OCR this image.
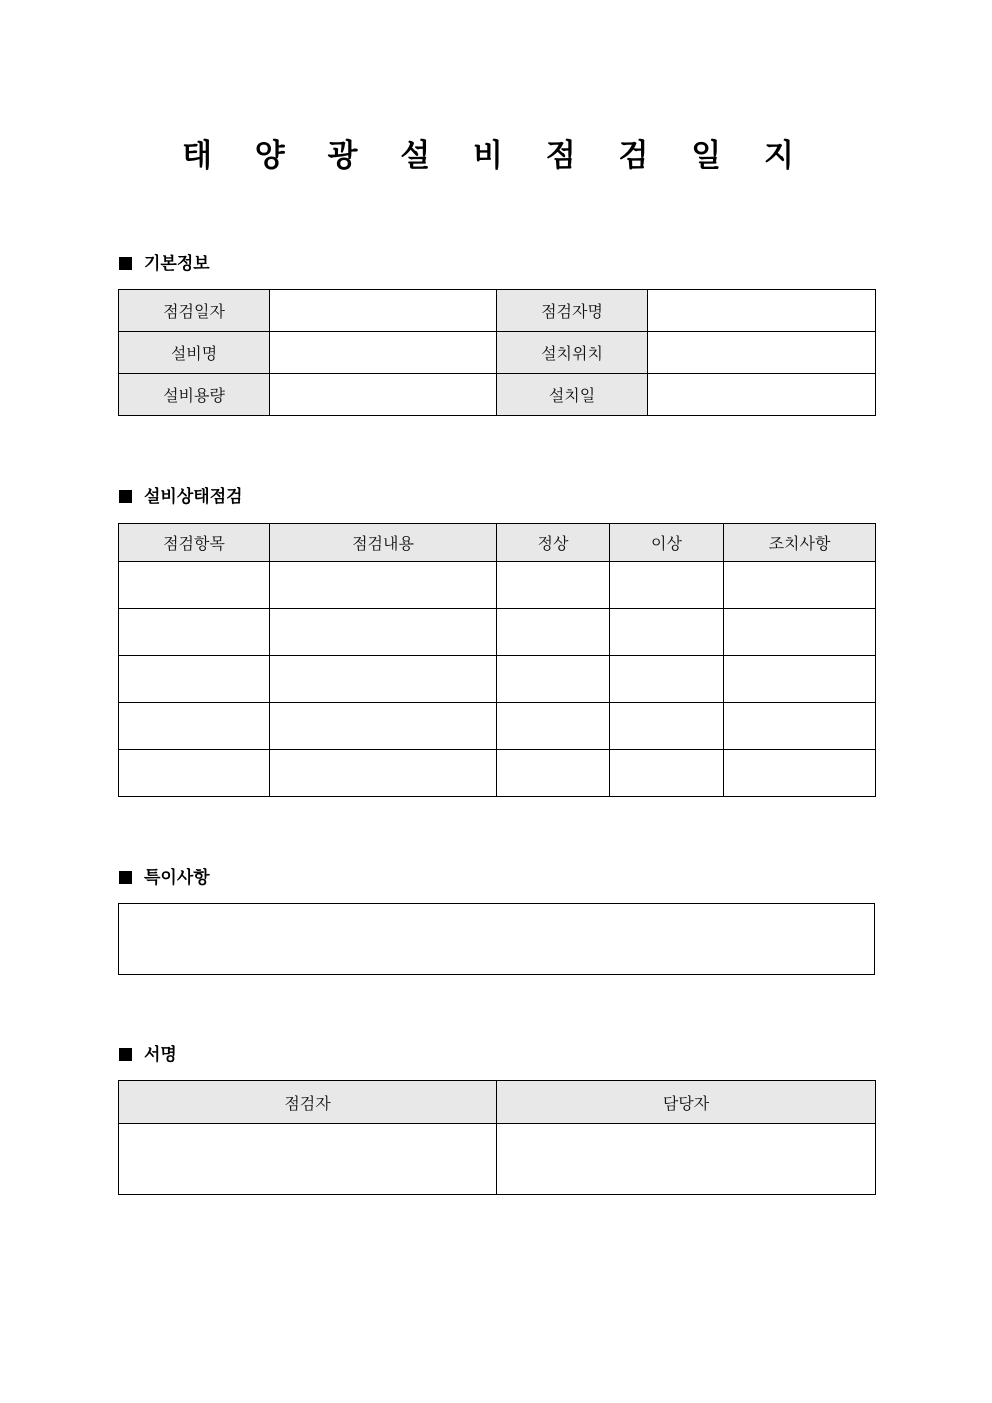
태 양 광 설 비 점 검 일 지
기본정보
점검일자		점검자명	
설비명		설치위치	
설비용량		설치일	
설비상태점검
점검항목	점검내용	정상	이상	조치사항

특이사항
서명
점검자	담당자
